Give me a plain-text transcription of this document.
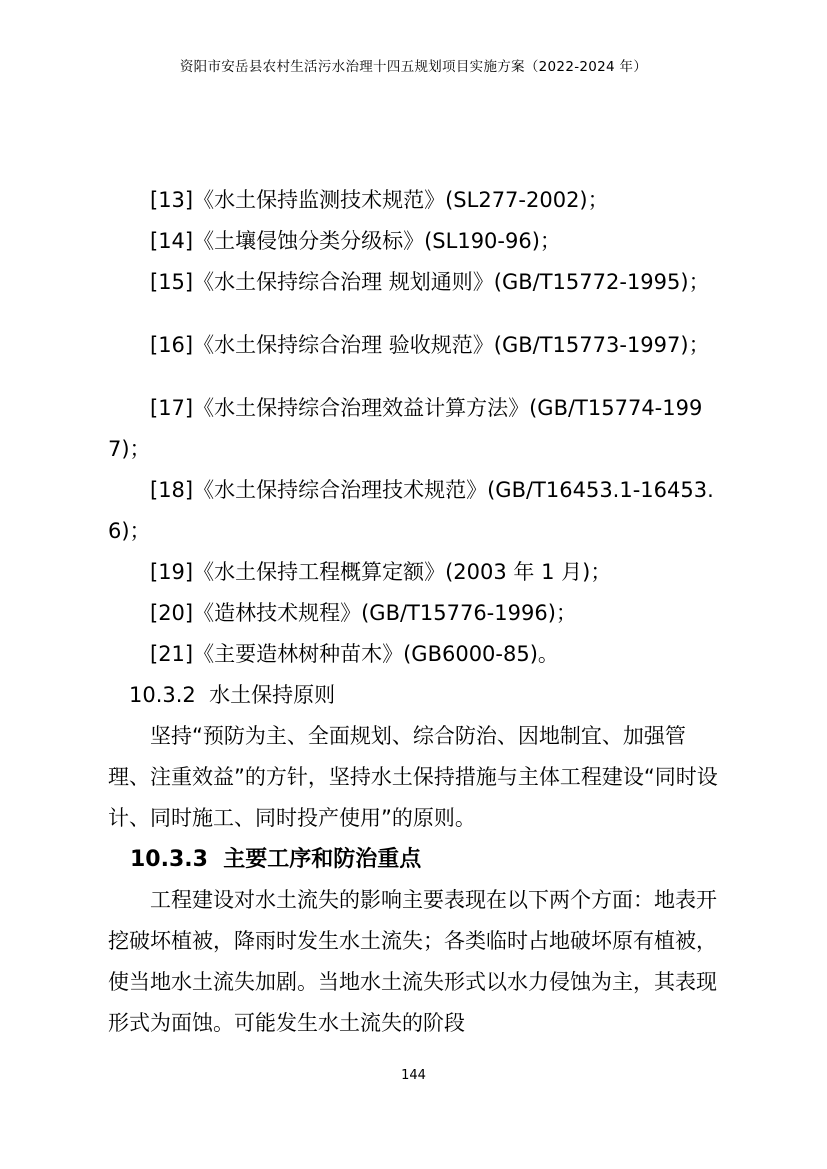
资阳市安岳县农村生活污水治理十四五规划项目实施方案（2022-2024 年）
[13]《水土保持监测技术规范》(SL277-2002)；
[14]《土壤侵蚀分类分级标》(SL190-96)；
[15]《水土保持综合治理 规划通则》(GB/T15772-1995)；
[16]《水土保持综合治理 验收规范》(GB/T15773-1997)；
[17]《水土保持综合治理效益计算方法》(GB/T15774-1997)；
[18]《水土保持综合治理技术规范》(GB/T16453.1-16453.6)；
[19]《水土保持工程概算定额》(2003 年 1 月)；
[20]《造林技术规程》(GB/T15776-1996)；
[21]《主要造林树种苗木》(GB6000-85)。
10.3.2  水土保持原则
坚持“预防为主、全面规划、综合防治、因地制宜、加强管理、注重效益”的方针，坚持水土保持措施与主体工程建设“同时设计、同时施工、同时投产使用”的原则。
10.3.3  主要工序和防治重点
工程建设对水土流失的影响主要表现在以下两个方面：地表开挖破坏植被，降雨时发生水土流失；各类临时占地破坏原有植被，使当地水土流失加剧。当地水土流失形式以水力侵蚀为主，其表现形式为面蚀。可能发生水土流失的阶段
144
